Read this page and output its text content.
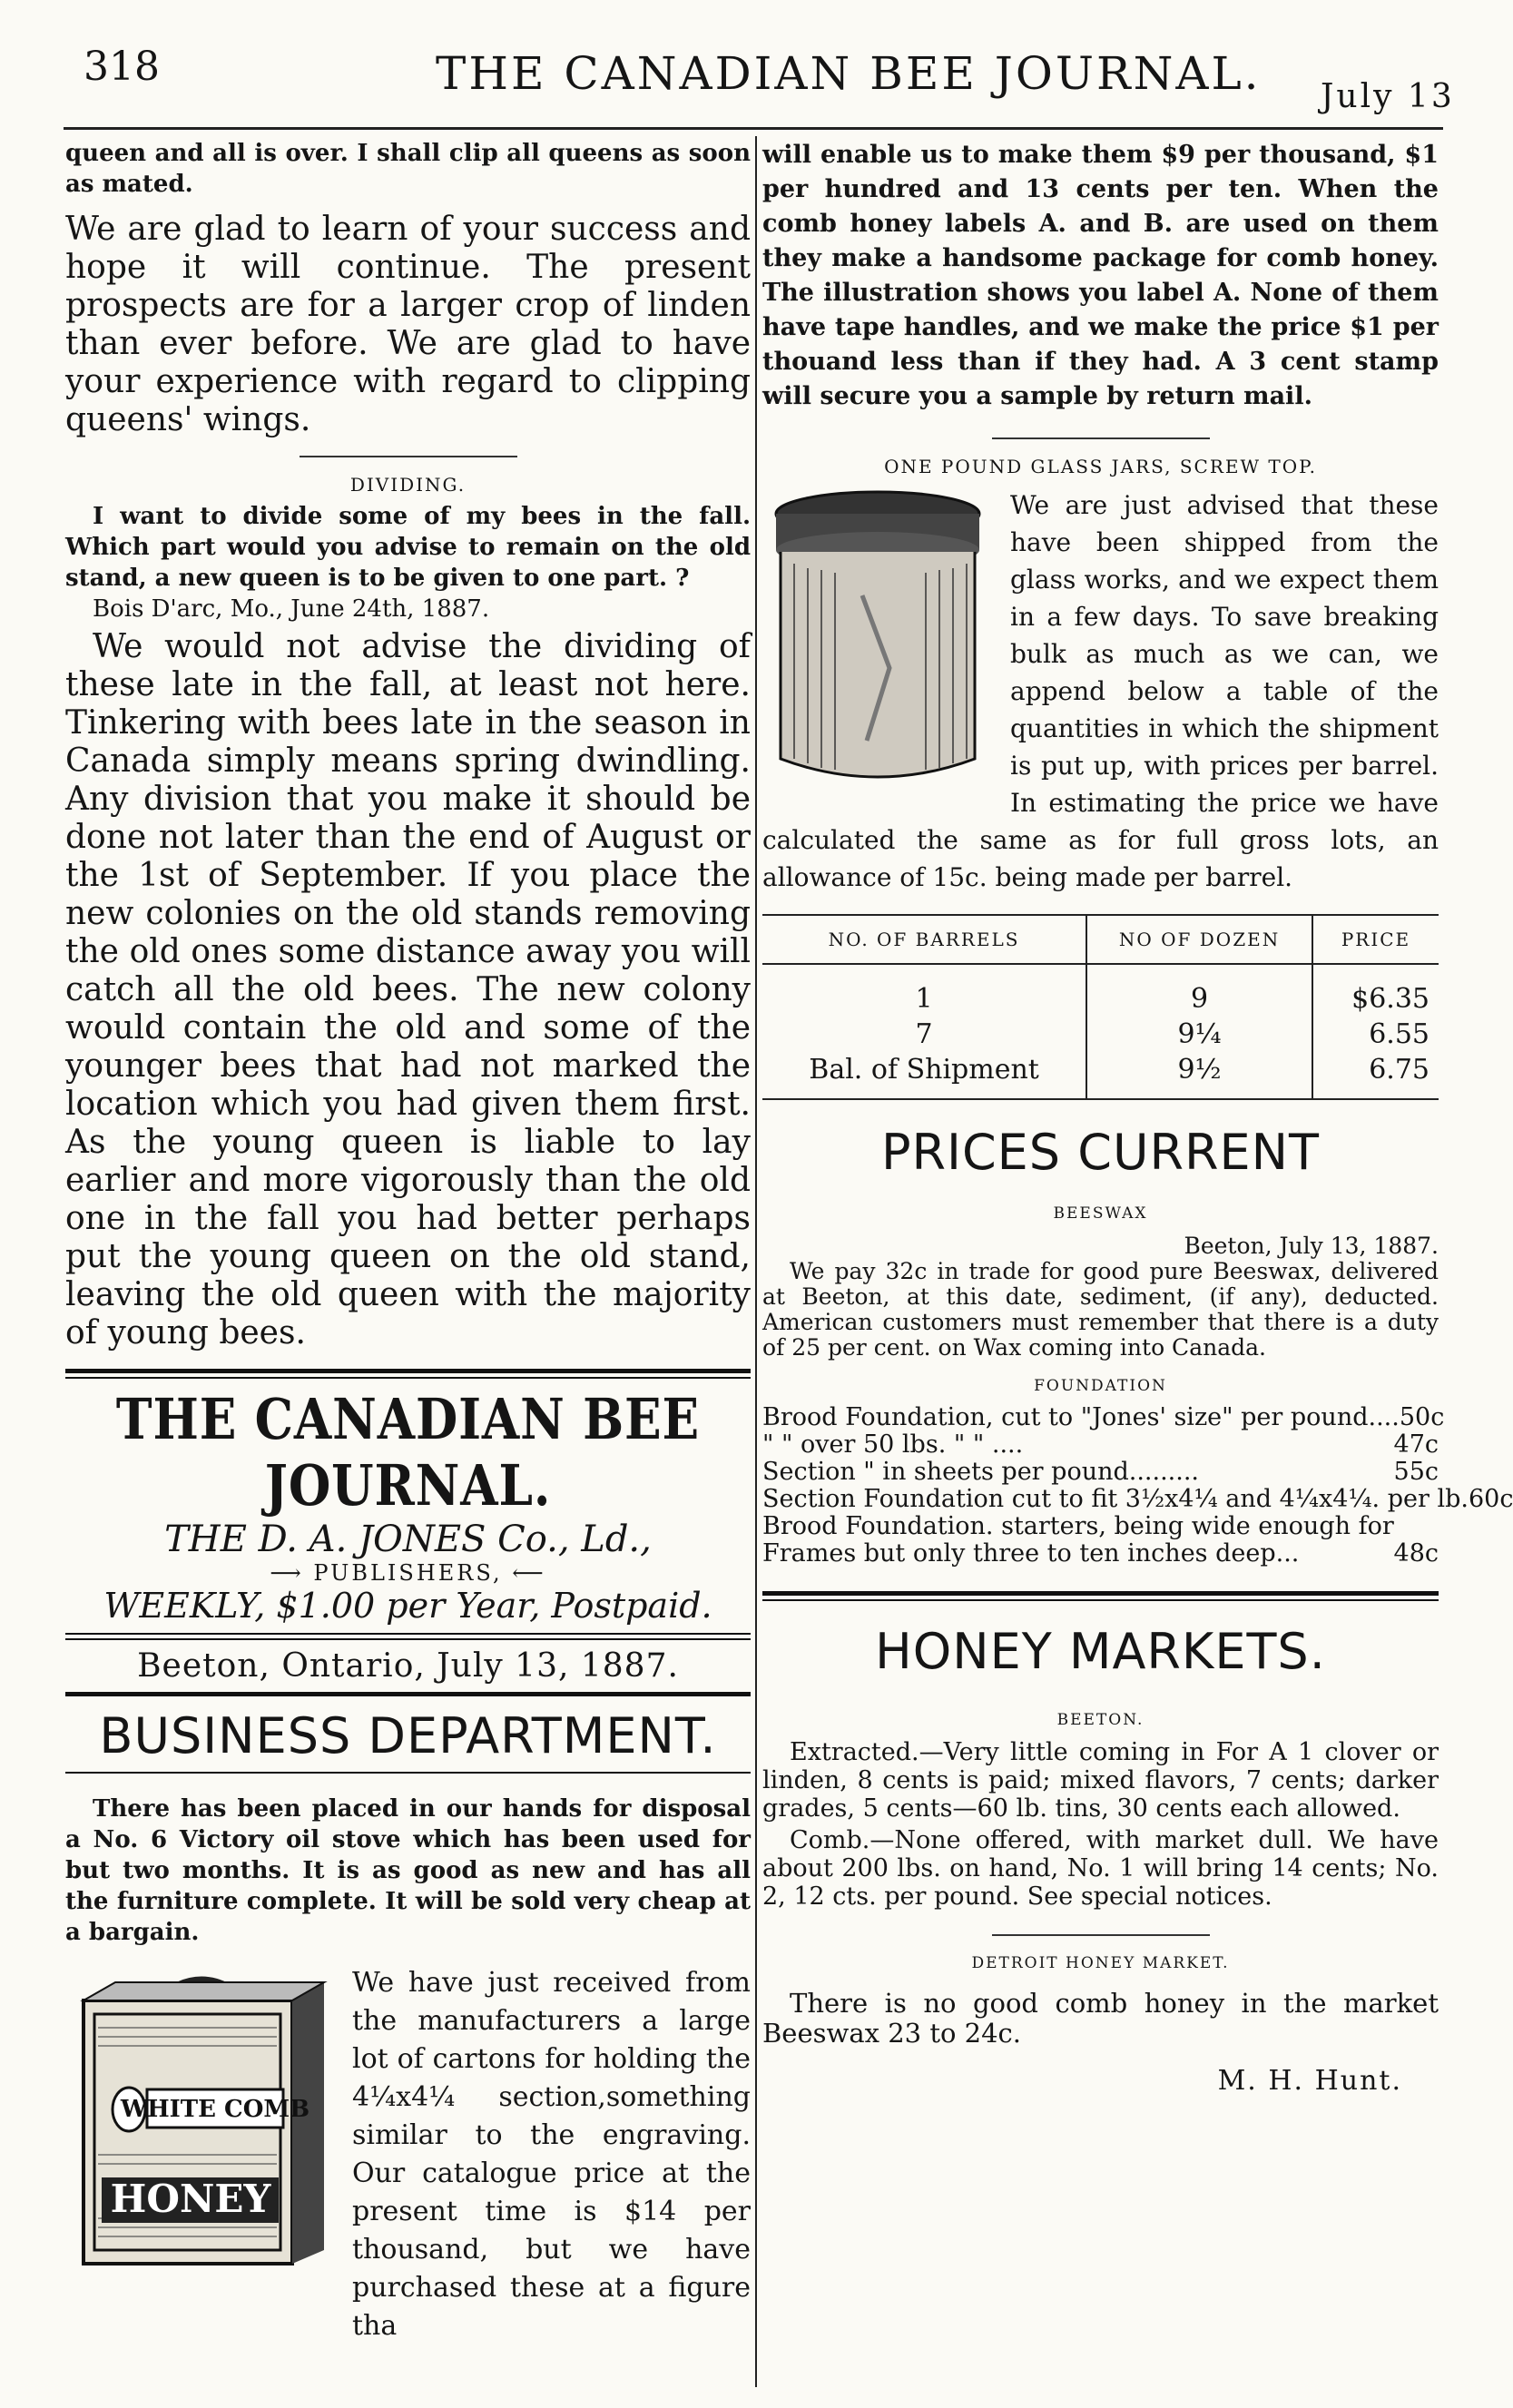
318	THE CANADIAN BEE JOURNAL. July 13

queen and all is over. I shall clip all queens as soon as mated.

We are glad to learn of your success and hope it will continue. The present prospects are for a larger crop of linden than ever before. We are glad to have your experience with regard to clipping queens' wings.

DIVIDING.

I want to divide some of my bees in the fall. Which part would you advise to remain on the old stand, a new queen is to be given to one part. ?

Bois D'arc, Mo., June 24th, 1887.

We would not advise the dividing of these late in the fall, at least not here. Tinkering with bees late in the season in Canada simply means spring dwindling. Any division that you make it should be done not later than the end of August or the 1st of September. If you place the new colonies on the old stands removing the old ones some distance away you will catch all the old bees. The new colony would contain the old and some of the younger bees that had not marked the location which you had given them first. As the young queen is liable to lay earlier and more vigorously than the old one in the fall you had better perhaps put the young queen on the old stand, leaving the old queen with the majority of young bees.

THE CANADIAN BEE JOURNAL.

THE D. A. JONES Co., Ld.,

⟶ PUBLISHERS, ⟵

WEEKLY, $1.00 per Year, Postpaid.

Beeton, Ontario, July 13, 1887.

BUSINESS DEPARTMENT.

There has been placed in our hands for disposal a No. 6 Victory oil stove which has been used for but two months. It is as good as new and has all the furniture complete. It will be sold very cheap at a bargain.

WHITE COMB
HONEY

We have just received from the manufacturers a large lot of cartons for holding the 4¼x4¼ section,something similar to the engraving. Our catalogue price at the present time is $14 per thousand, but we have purchased these at a figure tha

will enable us to make them $9 per thousand, $1 per hundred and 13 cents per ten. When the comb honey labels A. and B. are used on them they make a handsome package for comb honey. The illustration shows you label A. None of them have tape handles, and we make the price $1 per thouand less than if they had. A 3 cent stamp will secure you a sample by return mail.

ONE POUND GLASS JARS, SCREW TOP.

We are just advised that these have been shipped from the glass works, and we expect them in a few days. To save breaking bulk as much as we can, we append below a table of the quantities in which the shipment is put up, with prices per barrel. In estimating the price we have calculated the same as for full gross lots, an allowance of 15c. being made per barrel.

NO. OF BARRELS	NO OF DOZEN	PRICE
1	9	$6.35
7	9¼	6.55
Bal. of Shipment	9½	6.75

PRICES CURRENT

BEESWAX

Beeton, July 13, 1887.

We pay 32c in trade for good pure Beeswax, delivered at Beeton, at this date, sediment, (if any), deducted. American customers must remember that there is a duty of 25 per cent. on Wax coming into Canada.

FOUNDATION

Brood Foundation, cut to "Jones' size" per pound.... 50c
" " over 50 lbs. " " ....	47c
Section " in sheets per pound.........	55c
Section Foundation cut to fit 3½x4¼ and 4¼x4¼. per lb. 60c
Brood Foundation. starters, being wide enough for
Frames but only three to ten inches deep...	48c

HONEY MARKETS.

BEETON.

Extracted.—Very little coming in For A 1 clover or linden, 8 cents is paid; mixed flavors, 7 cents; darker grades, 5 cents—60 lb. tins, 30 cents each allowed.

Comb.—None offered, with market dull. We have about 200 lbs. on hand, No. 1 will bring 14 cents; No. 2, 12 cts. per pound. See special notices.

DETROIT HONEY MARKET.

There is no good comb honey in the market Beeswax 23 to 24c.

M. H. Hunt.
